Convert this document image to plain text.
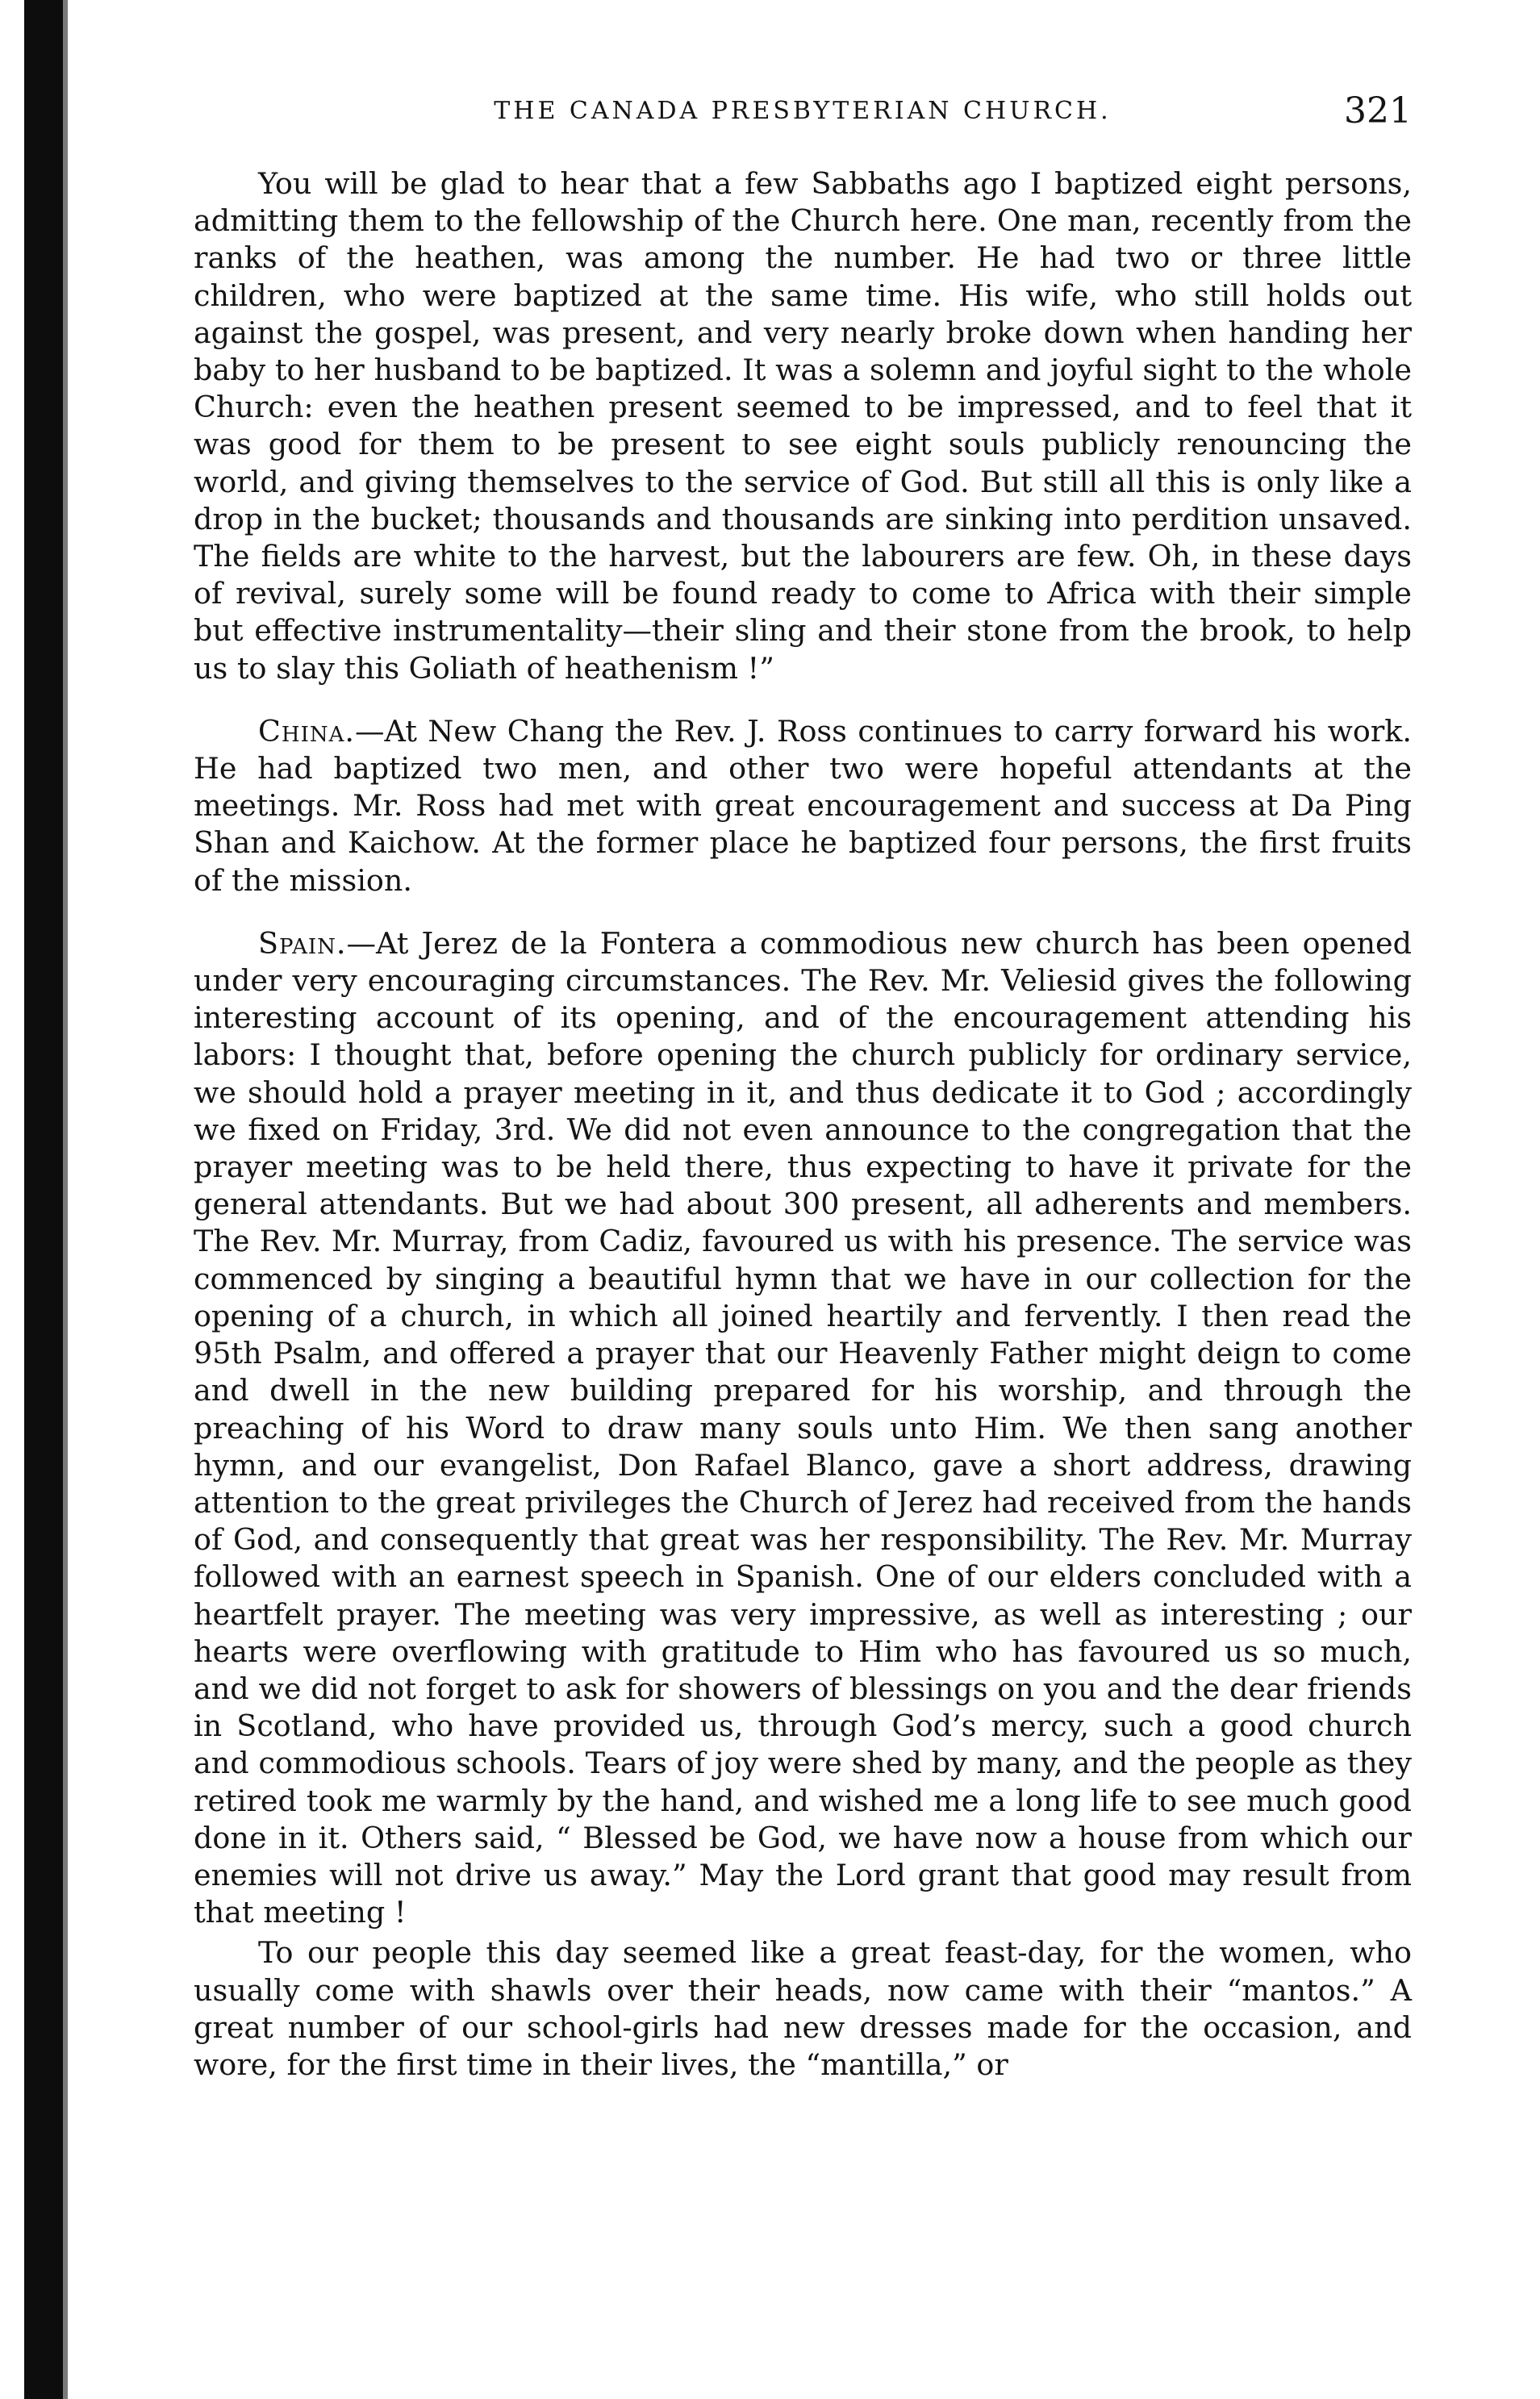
THE CANADA PRESBYTERIAN CHURCH.	321

You will be glad to hear that a few Sabbaths ago I baptized eight persons, admitting them to the fellowship of the Church here. One man, recently from the ranks of the heathen, was among the number. He had two or three little children, who were baptized at the same time. His wife, who still holds out against the gospel, was present, and very nearly broke down when handing her baby to her husband to be baptized. It was a solemn and joyful sight to the whole Church: even the heathen present seemed to be impressed, and to feel that it was good for them to be present to see eight souls publicly renouncing the world, and giving themselves to the service of God. But still all this is only like a drop in the bucket; thousands and thousands are sinking into perdition unsaved. The fields are white to the harvest, but the labourers are few. Oh, in these days of revival, surely some will be found ready to come to Africa with their simple but effective instrumentality—their sling and their stone from the brook, to help us to slay this Goliath of heathenism !”

China.—At New Chang the Rev. J. Ross continues to carry forward his work. He had baptized two men, and other two were hopeful attendants at the meetings. Mr. Ross had met with great encouragement and success at Da Ping Shan and Kaichow. At the former place he baptized four persons, the first fruits of the mission.

Spain.—At Jerez de la Fontera a commodious new church has been opened under very encouraging circumstances. The Rev. Mr. Veliesid gives the following interesting account of its opening, and of the encouragement attending his labors: I thought that, before opening the church publicly for ordinary service, we should hold a prayer meeting in it, and thus dedicate it to God ; accordingly we fixed on Friday, 3rd. We did not even announce to the congregation that the prayer meeting was to be held there, thus expecting to have it private for the general attendants. But we had about 300 present, all adherents and members. The Rev. Mr. Murray, from Cadiz, favoured us with his presence. The service was commenced by singing a beautiful hymn that we have in our collection for the opening of a church, in which all joined heartily and fervently. I then read the 95th Psalm, and offered a prayer that our Heavenly Father might deign to come and dwell in the new building prepared for his worship, and through the preaching of his Word to draw many souls unto Him. We then sang another hymn, and our evangelist, Don Rafael Blanco, gave a short address, drawing attention to the great privileges the Church of Jerez had received from the hands of God, and consequently that great was her responsibility. The Rev. Mr. Murray followed with an earnest speech in Spanish. One of our elders concluded with a heartfelt prayer. The meeting was very impressive, as well as interesting ; our hearts were overflowing with gratitude to Him who has favoured us so much, and we did not forget to ask for showers of blessings on you and the dear friends in Scotland, who have provided us, through God’s mercy, such a good church and commodious schools. Tears of joy were shed by many, and the people as they retired took me warmly by the hand, and wished me a long life to see much good done in it. Others said, “ Blessed be God, we have now a house from which our enemies will not drive us away.” May the Lord grant that good may result from that meeting !

To our people this day seemed like a great feast-day, for the women, who usually come with shawls over their heads, now came with their “mantos.” A great number of our school-girls had new dresses made for the occasion, and wore, for the first time in their lives, the “mantilla,” or
